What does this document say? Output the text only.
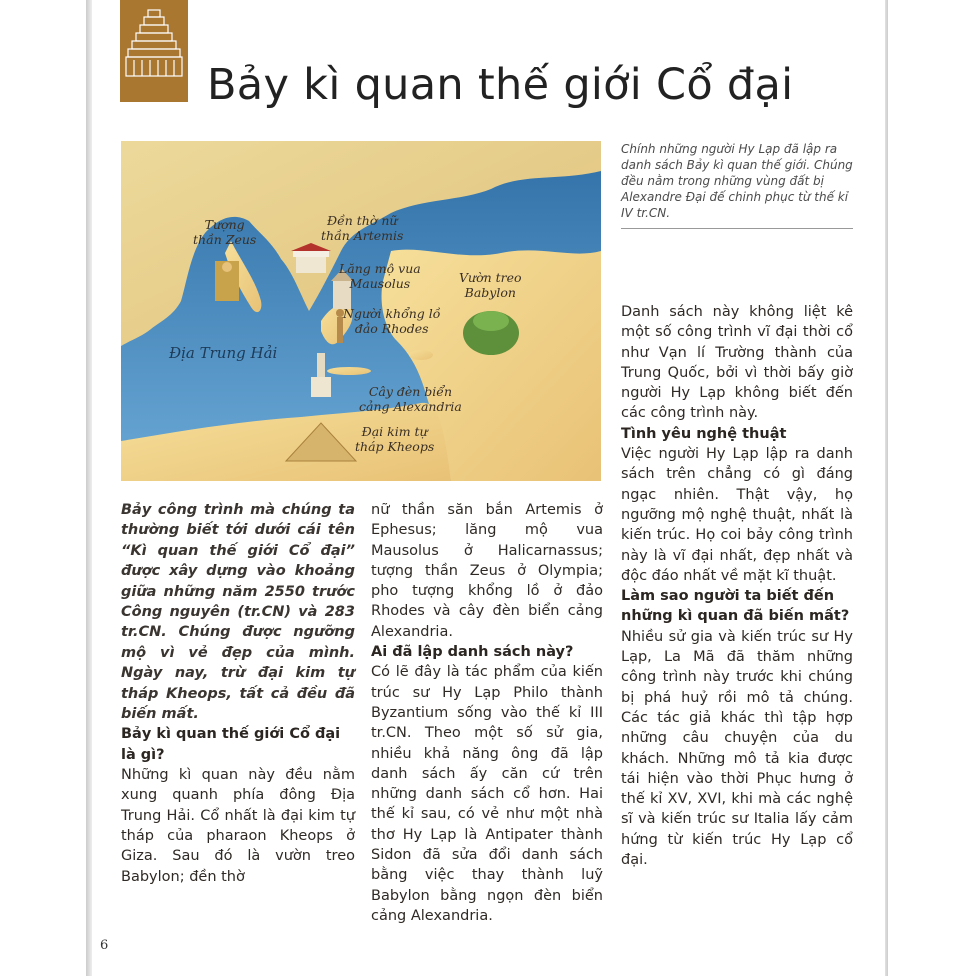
Bảy kì quan thế giới Cổ đại
Tượng
thần Zeus
Đền thờ nữ
thần Artemis
Lăng mộ vua
Mausolus	Vườn treo
Babylon
Người khổng lồ
đảo Rhodes
Địa Trung Hải
Cây đèn biển
cảng Alexandria
Đại kim tự
tháp Kheops
Chính những người Hy Lạp đã lập ra danh sách Bảy kì quan thế giới. Chúng đều nằm trong những vùng đất bị Alexandre Đại đế chinh phục từ thế kỉ IV tr.CN.

Bảy công trình mà chúng ta thường biết tới dưới cái tên “Kì quan thế giới Cổ đại” được xây dựng vào khoảng giữa những năm 2550 trước Công nguyên (tr.CN) và 283 tr.CN. Chúng được ngưỡng mộ vì vẻ đẹp của mình. Ngày nay, trừ đại kim tự tháp Kheops, tất cả đều đã biến mất.

Bảy kì quan thế giới Cổ đại là gì?

Những kì quan này đều nằm xung quanh phía đông Địa Trung Hải. Cổ nhất là đại kim tự tháp của pharaon Kheops ở Giza. Sau đó là vườn treo Babylon; đền thờ

nữ thần săn bắn Artemis ở Ephesus; lăng mộ vua Mausolus ở Halicarnassus; tượng thần Zeus ở Olympia; pho tượng khổng lồ ở đảo Rhodes và cây đèn biển cảng Alexandria.

Ai đã lập danh sách này?

Có lẽ đây là tác phẩm của kiến trúc sư Hy Lạp Philo thành Byzantium sống vào thế kỉ III tr.CN. Theo một số sử gia, nhiều khả năng ông đã lập danh sách ấy căn cứ trên những danh sách cổ hơn. Hai thế kỉ sau, có vẻ như một nhà thơ Hy Lạp là Antipater thành Sidon đã sửa đổi danh sách bằng việc thay thành luỹ Babylon bằng ngọn đèn biển cảng Alexandria.

Danh sách này không liệt kê một số công trình vĩ đại thời cổ như Vạn lí Trường thành của Trung Quốc, bởi vì thời bấy giờ người Hy Lạp không biết đến các công trình này.

Tình yêu nghệ thuật

Việc người Hy Lạp lập ra danh sách trên chẳng có gì đáng ngạc nhiên. Thật vậy, họ ngưỡng mộ nghệ thuật, nhất là kiến trúc. Họ coi bảy công trình này là vĩ đại nhất, đẹp nhất và độc đáo nhất về mặt kĩ thuật.

Làm sao người ta biết đến những kì quan đã biến mất?

Nhiều sử gia và kiến trúc sư Hy Lạp, La Mã đã thăm những công trình này trước khi chúng bị phá huỷ rồi mô tả chúng. Các tác giả khác thì tập hợp những câu chuyện của du khách. Những mô tả kia được tái hiện vào thời Phục hưng ở thế kỉ XV, XVI, khi mà các nghệ sĩ và kiến trúc sư Italia lấy cảm hứng từ kiến trúc Hy Lạp cổ đại.

6
